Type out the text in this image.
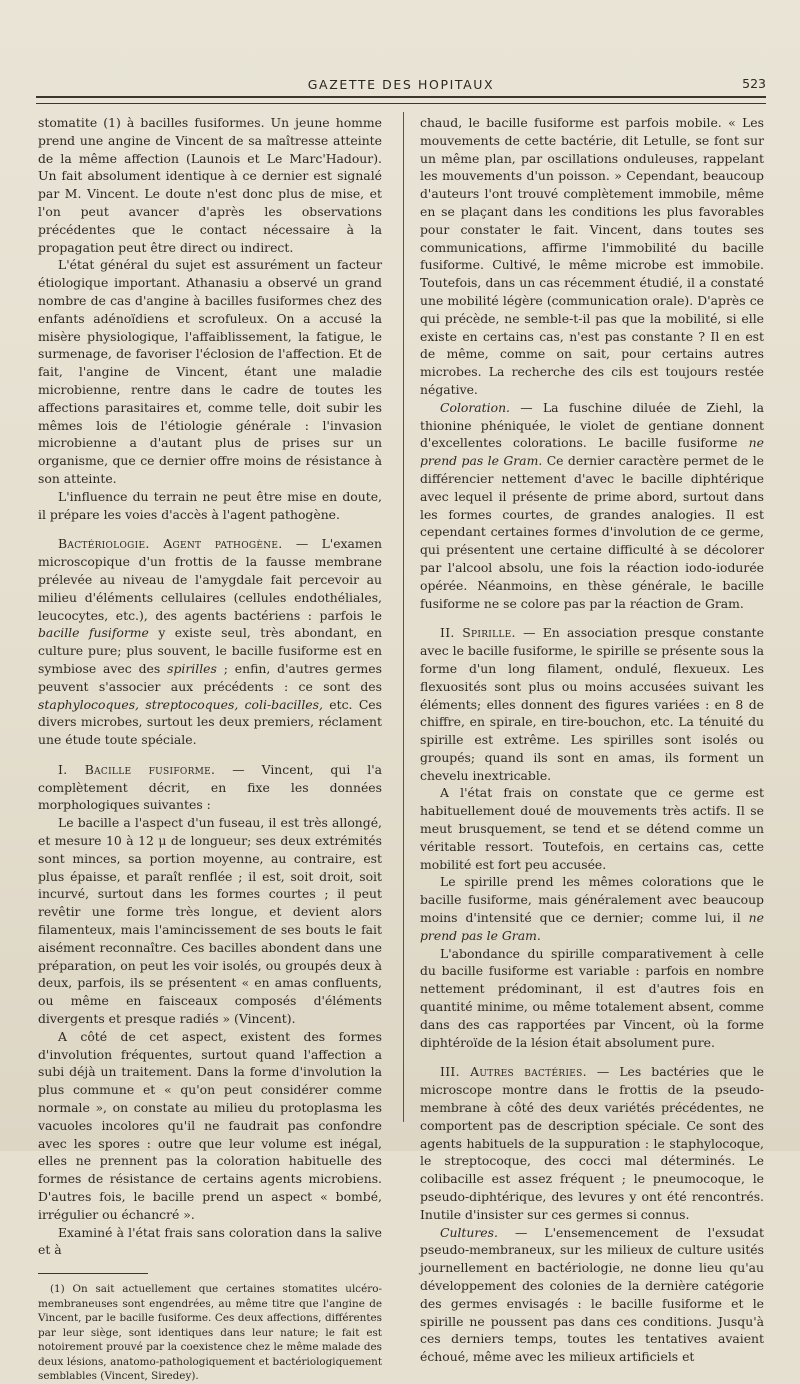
GAZETTE DES HOPITAUX	523

stomatite (1) à bacilles fusiformes. Un jeune homme prend une angine de Vincent de sa maîtresse atteinte de la même affection (Launois et Le Marc'Hadour). Un fait absolument identique à ce dernier est signalé par M. Vincent. Le doute n'est donc plus de mise, et l'on peut avancer d'après les observations précédentes que le contact nécessaire à la propagation peut être direct ou indirect.

L'état général du sujet est assurément un facteur étiologique important. Athanasiu a observé un grand nombre de cas d'angine à bacilles fusiformes chez des enfants adénoïdiens et scrofuleux. On a accusé la misère physiologique, l'affaiblissement, la fatigue, le surmenage, de favoriser l'éclosion de l'affection. Et de fait, l'angine de Vincent, étant une maladie microbienne, rentre dans le cadre de toutes les affections parasitaires et, comme telle, doit subir les mêmes lois de l'étiologie générale : l'invasion microbienne a d'autant plus de prises sur un organisme, que ce dernier offre moins de résistance à son atteinte.

L'influence du terrain ne peut être mise en doute, il prépare les voies d'accès à l'agent pathogène.

Bactériologie. Agent pathogène. — L'examen microscopique d'un frottis de la fausse membrane prélevée au niveau de l'amygdale fait percevoir au milieu d'éléments cellulaires (cellules endothéliales, leucocytes, etc.), des agents bactériens : parfois le bacille fusiforme y existe seul, très abondant, en culture pure; plus souvent, le bacille fusiforme est en symbiose avec des spirilles ; enfin, d'autres germes peuvent s'associer aux précédents : ce sont des staphylocoques, streptocoques, coli-bacilles, etc. Ces divers microbes, surtout les deux premiers, réclament une étude toute spéciale.

I. Bacille fusiforme. — Vincent, qui l'a complètement décrit, en fixe les données morphologiques suivantes :

Le bacille a l'aspect d'un fuseau, il est très allongé, et mesure 10 à 12 μ de longueur; ses deux extrémités sont minces, sa portion moyenne, au contraire, est plus épaisse, et paraît renflée ; il est, soit droit, soit incurvé, surtout dans les formes courtes ; il peut revêtir une forme très longue, et devient alors filamenteux, mais l'amincissement de ses bouts le fait aisément reconnaître. Ces bacilles abondent dans une préparation, on peut les voir isolés, ou groupés deux à deux, parfois, ils se présentent « en amas confluents, ou même en faisceaux composés d'éléments divergents et presque radiés » (Vincent).

A côté de cet aspect, existent des formes d'involution fréquentes, surtout quand l'affection a subi déjà un traitement. Dans la forme d'involution la plus commune et « qu'on peut considérer comme normale », on constate au milieu du protoplasma les vacuoles incolores qu'il ne faudrait pas confondre avec les spores : outre que leur volume est inégal, elles ne prennent pas la coloration habituelle des formes de résistance de certains agents microbiens. D'autres fois, le bacille prend un aspect « bombé, irrégulier ou échancré ».

Examiné à l'état frais sans coloration dans la salive et à

(1) On sait actuellement que certaines stomatites ulcéro-membraneuses sont engendrées, au même titre que l'angine de Vincent, par le bacille fusiforme. Ces deux affections, différentes par leur siège, sont identiques dans leur nature; le fait est notoirement prouvé par la coexistence chez le même malade des deux lésions, anatomo-pathologiquement et bactériologiquement semblables (Vincent, Siredey).

chaud, le bacille fusiforme est parfois mobile. « Les mouvements de cette bactérie, dit Letulle, se font sur un même plan, par oscillations onduleuses, rappelant les mouvements d'un poisson. » Cependant, beaucoup d'auteurs l'ont trouvé complètement immobile, même en se plaçant dans les conditions les plus favorables pour constater le fait. Vincent, dans toutes ses communications, affirme l'immobilité du bacille fusiforme. Cultivé, le même microbe est immobile. Toutefois, dans un cas récemment étudié, il a constaté une mobilité légère (communication orale). D'après ce qui précède, ne semble-t-il pas que la mobilité, si elle existe en certains cas, n'est pas constante ? Il en est de même, comme on sait, pour certains autres microbes. La recherche des cils est toujours restée négative.

Coloration. — La fuschine diluée de Ziehl, la thionine phéniquée, le violet de gentiane donnent d'excellentes colorations. Le bacille fusiforme ne prend pas le Gram. Ce dernier caractère permet de le différencier nettement d'avec le bacille diphtérique avec lequel il présente de prime abord, surtout dans les formes courtes, de grandes analogies. Il est cependant certaines formes d'involution de ce germe, qui présentent une certaine difficulté à se décolorer par l'alcool absolu, une fois la réaction iodo-iodurée opérée. Néanmoins, en thèse générale, le bacille fusiforme ne se colore pas par la réaction de Gram.

II. Spirille. — En association presque constante avec le bacille fusiforme, le spirille se présente sous la forme d'un long filament, ondulé, flexueux. Les flexuosités sont plus ou moins accusées suivant les éléments; elles donnent des figures variées : en 8 de chiffre, en spirale, en tire-bouchon, etc. La ténuité du spirille est extrême. Les spirilles sont isolés ou groupés; quand ils sont en amas, ils forment un chevelu inextricable.

A l'état frais on constate que ce germe est habituellement doué de mouvements très actifs. Il se meut brusquement, se tend et se détend comme un véritable ressort. Toutefois, en certains cas, cette mobilité est fort peu accusée.

Le spirille prend les mêmes colorations que le bacille fusiforme, mais généralement avec beaucoup moins d'intensité que ce dernier; comme lui, il ne prend pas le Gram.

L'abondance du spirille comparativement à celle du bacille fusiforme est variable : parfois en nombre nettement prédominant, il est d'autres fois en quantité minime, ou même totalement absent, comme dans des cas rapportées par Vincent, où la forme diphtéroïde de la lésion était absolument pure.

III. Autres bactéries. — Les bactéries que le microscope montre dans le frottis de la pseudo-membrane à côté des deux variétés précédentes, ne comportent pas de description spéciale. Ce sont des agents habituels de la suppuration : le staphylocoque, le streptocoque, des cocci mal déterminés. Le colibacille est assez fréquent ; le pneumocoque, le pseudo-diphtérique, des levures y ont été rencontrés. Inutile d'insister sur ces germes si connus.

Cultures. — L'ensemencement de l'exsudat pseudo-membraneux, sur les milieux de culture usités journellement en bactériologie, ne donne lieu qu'au développement des colonies de la dernière catégorie des germes envisagés : le bacille fusiforme et le spirille ne poussent pas dans ces conditions. Jusqu'à ces derniers temps, toutes les tentatives avaient échoué, même avec les milieux artificiels et
